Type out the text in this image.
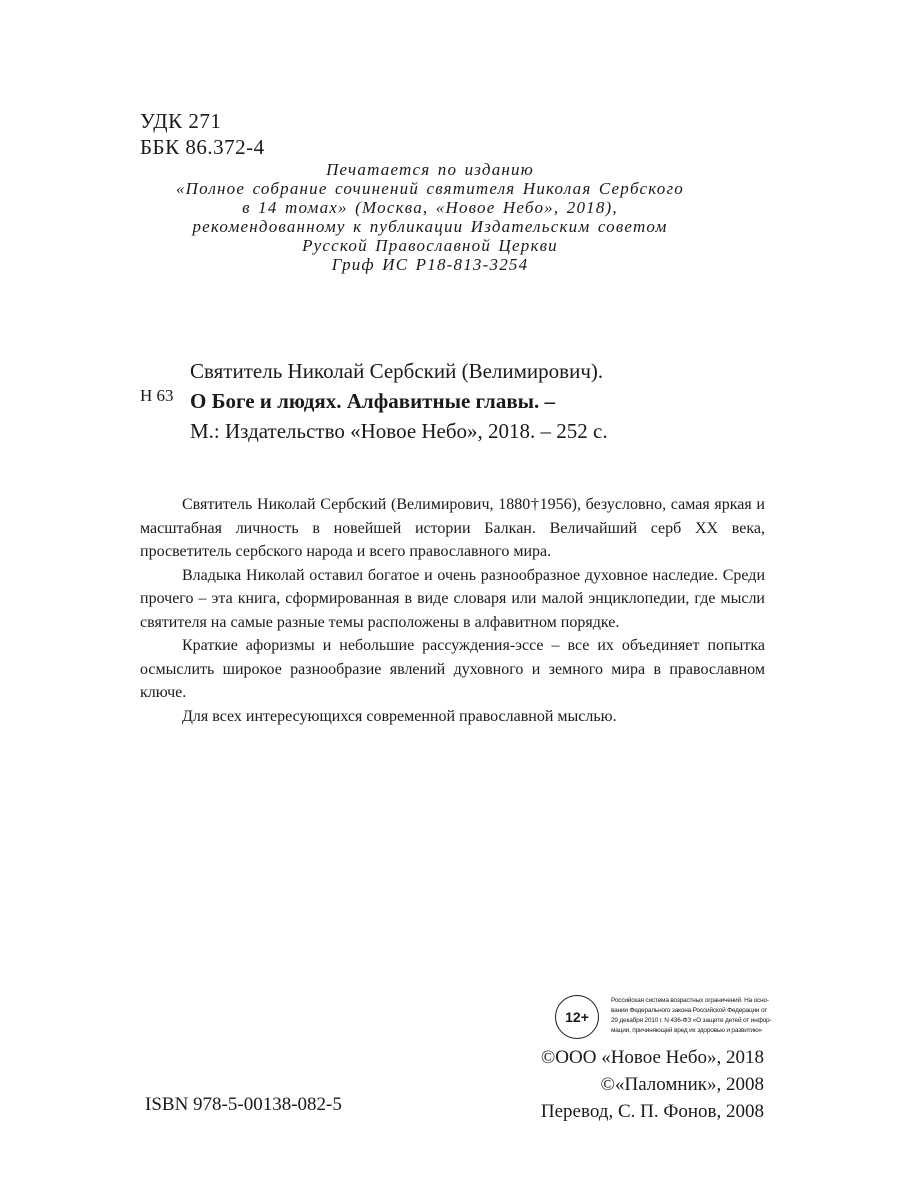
УДК 271
ББК 86.372-4
Печатается по изданию
«Полное собрание сочинений святителя Николая Сербского
в 14 томах» (Москва, «Новое Небо», 2018),
рекомендованному к публикации Издательским советом
Русской Православной Церкви
Гриф ИС Р18-813-3254
Н 63
Святитель Николай Сербский (Велимирович).
О Боге и людях. Алфавитные главы. –
М.: Издательство «Новое Небо», 2018. – 252 с.

Святитель Николай Сербский (Велимирович, 1880†1956), безусловно, самая яркая и масштабная личность в новейшей истории Балкан. Величайший серб XX века, просветитель сербского народа и всего православного мира.

Владыка Николай оставил богатое и очень разнообразное духовное наследие. Среди прочего – эта книга, сформированная в виде словаря или малой энциклопедии, где мысли святителя на самые разные темы расположены в алфавитном порядке.

Краткие афоризмы и небольшие рассуждения-эссе – все их объединяет попытка осмыслить широкое разнообразие явлений духовного и земного мира в православном ключе.

Для всех интересующихся современной православной мыслью.

12+
Российская система возрастных ограничений. На осно-
вании Федерального закона Российской Федерации от
29 декабря 2010 г. N 436-ФЗ «О защите детей от инфор-
мации, причиняющей вред их здоровью и развитию»
©ООО «Новое Небо», 2018
©«Паломник», 2008
Перевод, С. П. Фонов, 2008
ISBN 978-5-00138-082-5
